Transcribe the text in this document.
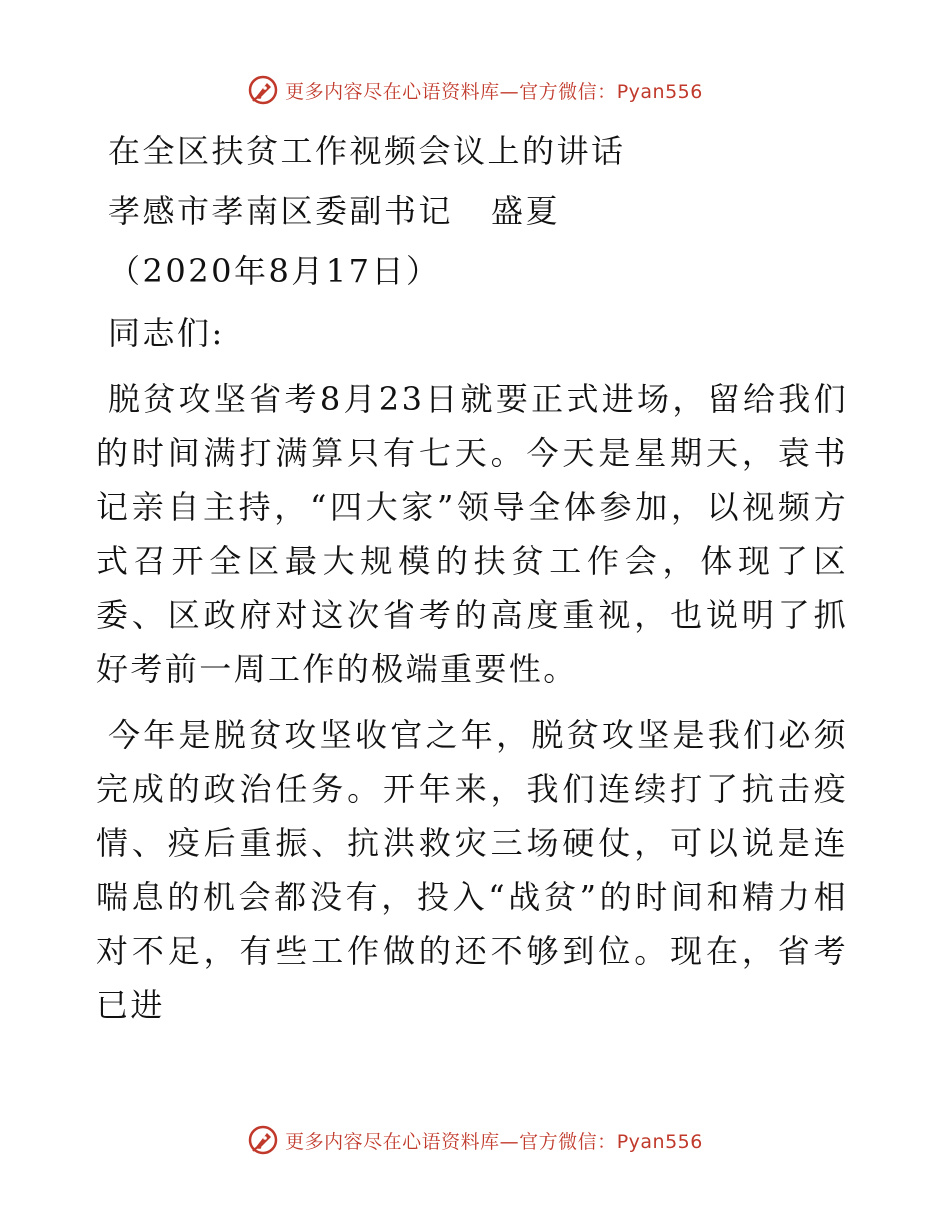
更多内容尽在心语资料库—官方微信：Pyan556
在全区扶贫工作视频会议上的讲话
孝感市孝南区委副书记 盛夏
（2020年8月17日）
同志们:
脱贫攻坚省考8月23日就要正式进场，留给我们的时间满打满算只有七天。今天是星期天，袁书记亲自主持，“四大家”领导全体参加，以视频方式召开全区最大规模的扶贫工作会，体现了区委、区政府对这次省考的高度重视，也说明了抓好考前一周工作的极端重要性。
今年是脱贫攻坚收官之年，脱贫攻坚是我们必须完成的政治任务。开年来，我们连续打了抗击疫情、疫后重振、抗洪救灾三场硬仗，可以说是连喘息的机会都没有，投入“战贫”的时间和精力相对不足，有些工作做的还不够到位。现在，省考已进
更多内容尽在心语资料库—官方微信：Pyan556
